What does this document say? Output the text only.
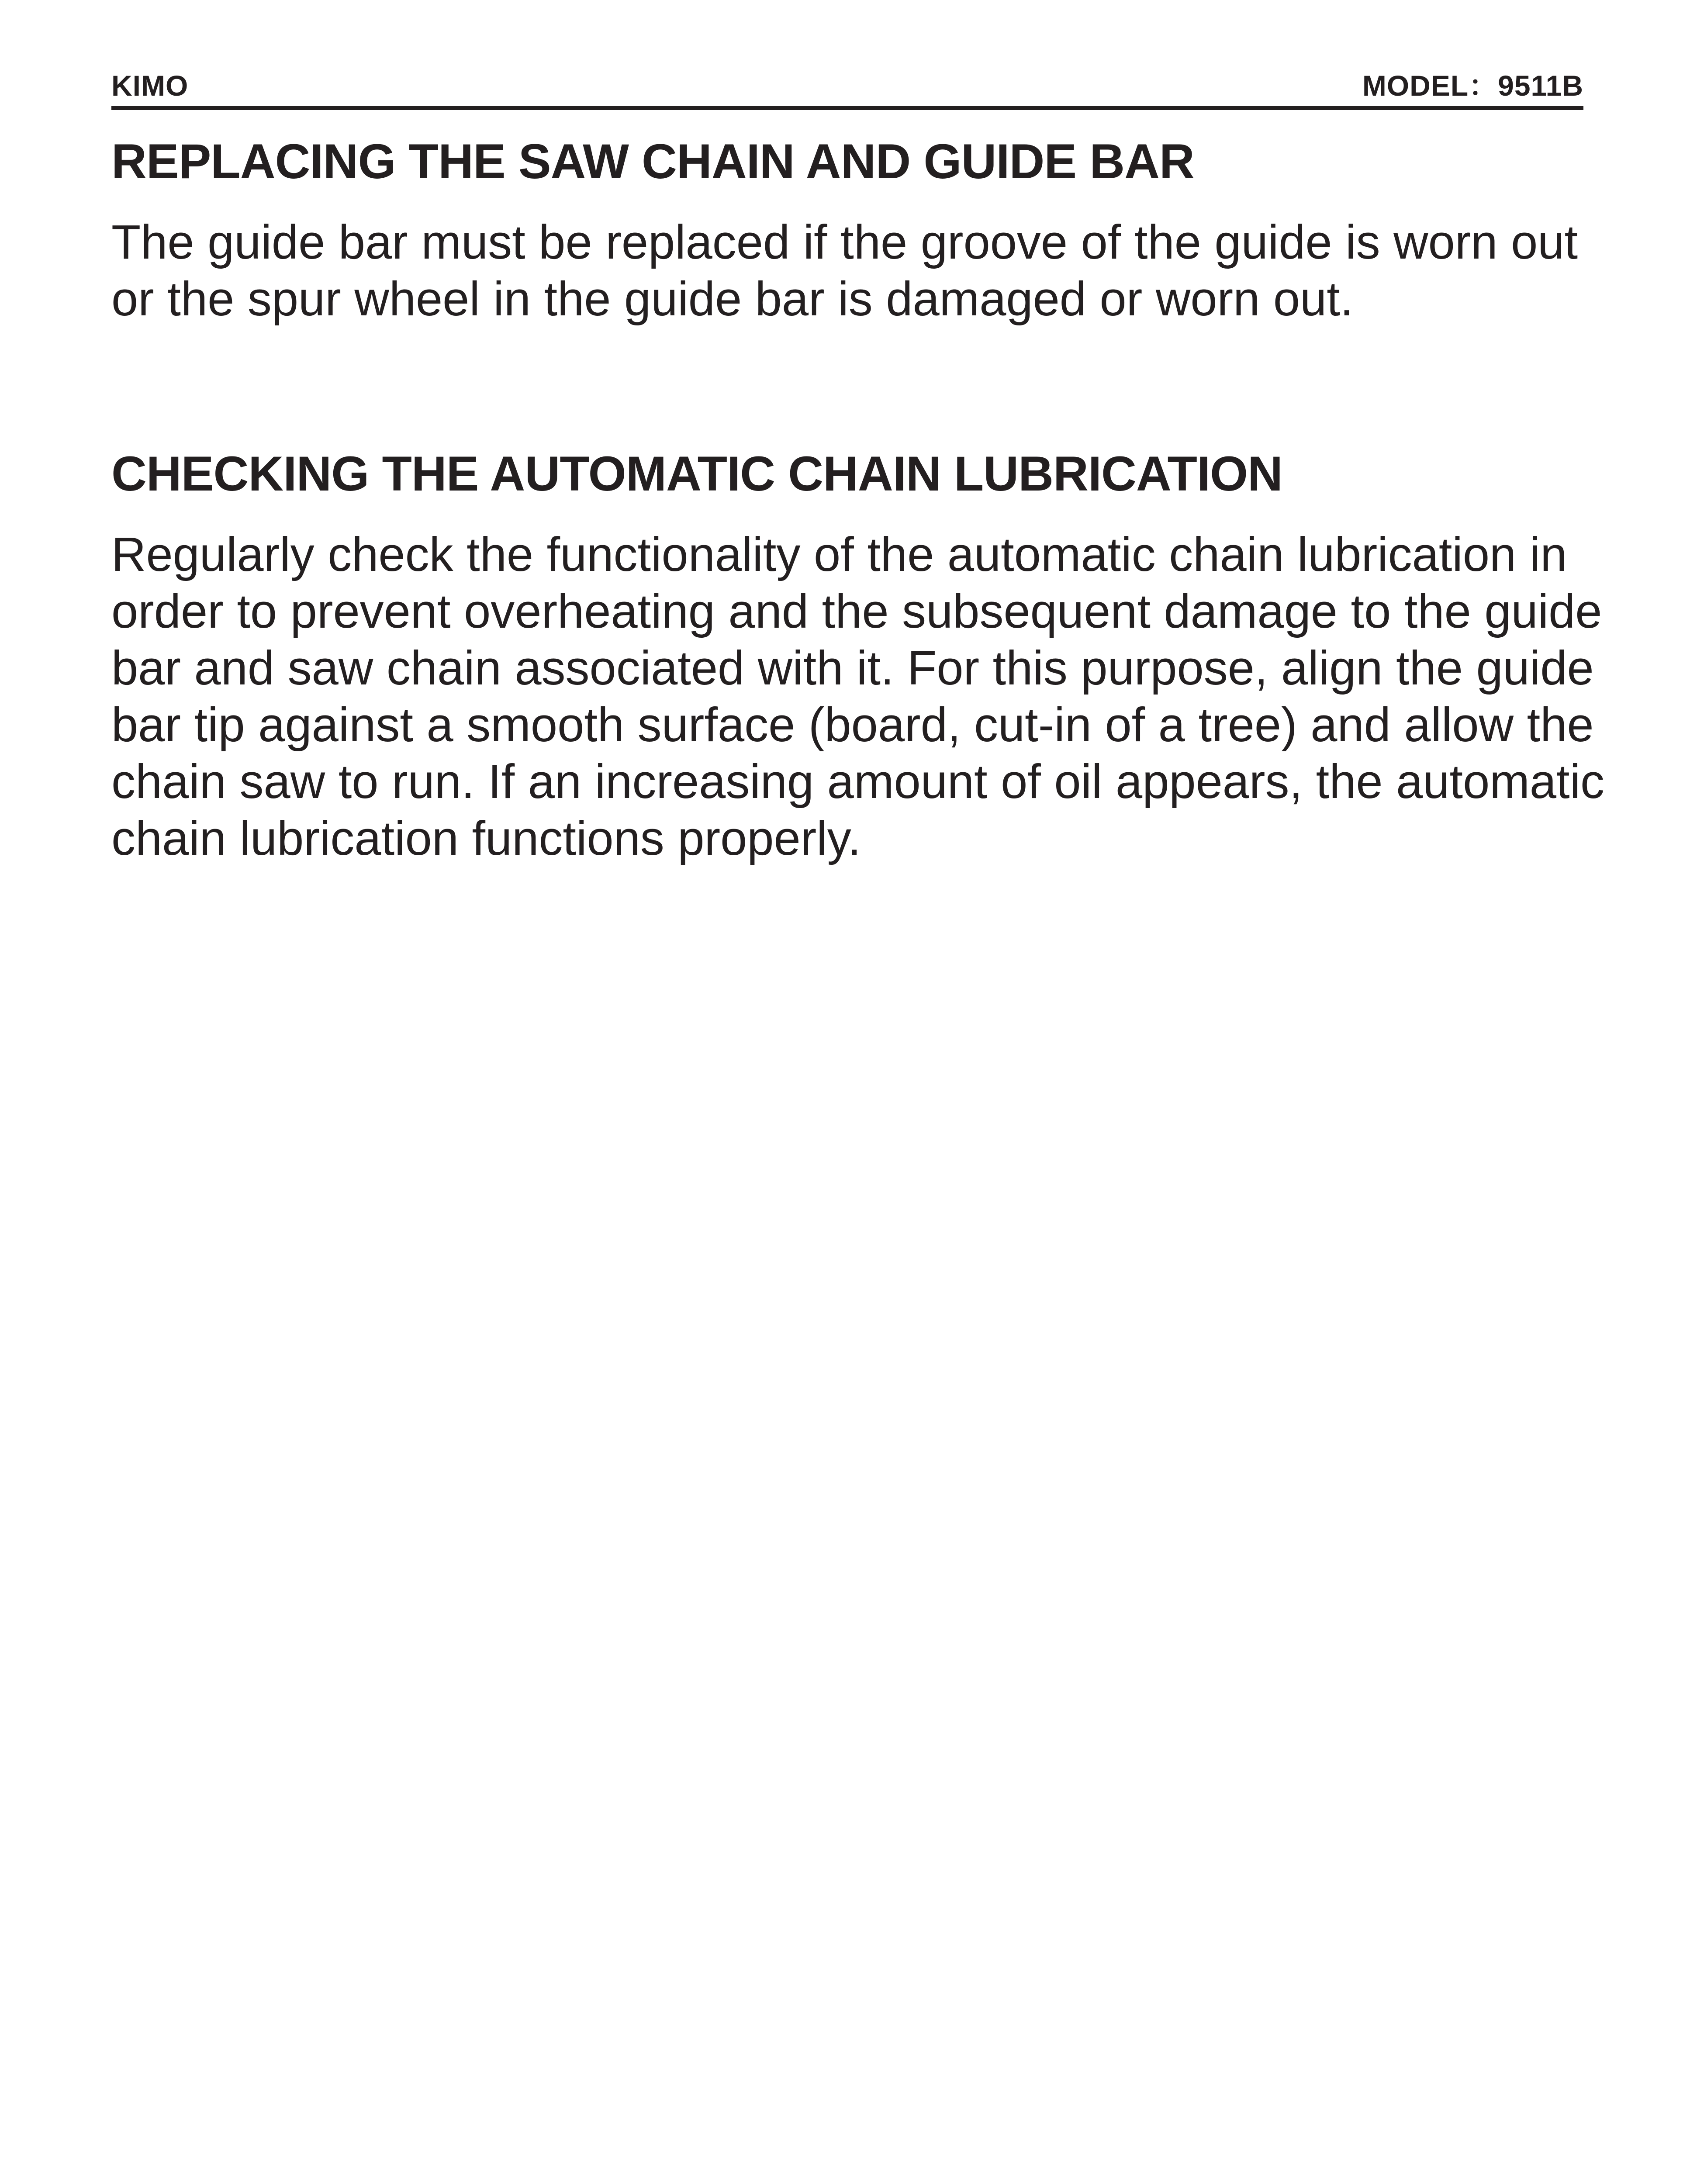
KIMO	MODEL：9511B
REPLACING THE SAW CHAIN AND GUIDE BAR

The guide bar must be replaced if the groove of the guide is worn out
or the spur wheel in the guide bar is damaged or worn out.

CHECKING THE AUTOMATIC CHAIN LUBRICATION

Regularly check the functionality of the automatic chain lubrication in
order to prevent overheating and the subsequent damage to the guide
bar and saw chain associated with it. For this purpose, align the guide
bar tip against a smooth surface (board, cut-in of a tree) and allow the
chain saw to run. If an increasing amount of oil appears, the automatic
chain lubrication functions properly.
